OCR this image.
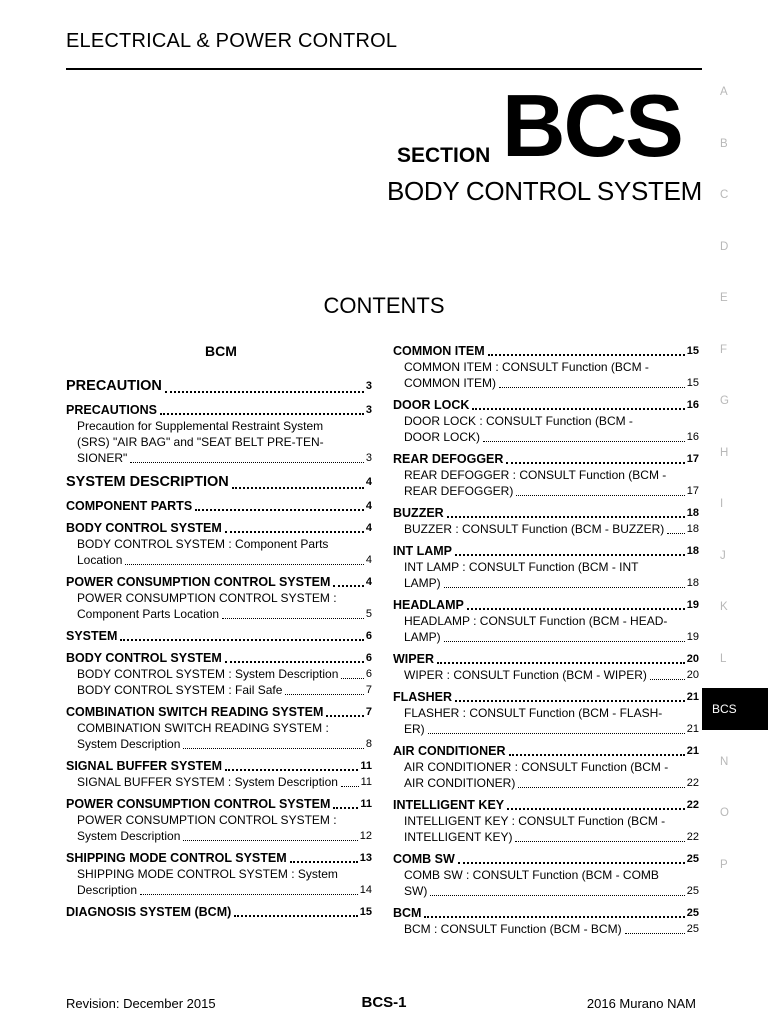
ELECTRICAL & POWER CONTROL
SECTION BCS
BODY CONTROL SYSTEM
CONTENTS
BCM
PRECAUTION	3
PRECAUTIONS	3
Precaution for Supplemental Restraint System
(SRS) "AIR BAG" and "SEAT BELT PRE-TEN-
SIONER"	3
SYSTEM DESCRIPTION	4
COMPONENT PARTS	4
BODY CONTROL SYSTEM	4
BODY CONTROL SYSTEM : Component Parts
Location	4
POWER CONSUMPTION CONTROL SYSTEM	4
POWER CONSUMPTION CONTROL SYSTEM :
Component Parts Location	5
SYSTEM	6
BODY CONTROL SYSTEM	6
BODY CONTROL SYSTEM : System Description 6
BODY CONTROL SYSTEM : Fail Safe	7
COMBINATION SWITCH READING SYSTEM	7
COMBINATION SWITCH READING SYSTEM :
System Description	8
SIGNAL BUFFER SYSTEM	11
SIGNAL BUFFER SYSTEM : System Description 11
POWER CONSUMPTION CONTROL SYSTEM	11
POWER CONSUMPTION CONTROL SYSTEM :
System Description	12
SHIPPING MODE CONTROL SYSTEM	13
SHIPPING MODE CONTROL SYSTEM : System
Description	14
DIAGNOSIS SYSTEM (BCM)	15
COMMON ITEM	15
COMMON ITEM : CONSULT Function (BCM -
COMMON ITEM)	15
DOOR LOCK	16
DOOR LOCK : CONSULT Function (BCM -
DOOR LOCK)	16
REAR DEFOGGER	17
REAR DEFOGGER : CONSULT Function (BCM -
REAR DEFOGGER)	17
BUZZER	18
BUZZER : CONSULT Function (BCM - BUZZER) 18
INT LAMP	18
INT LAMP : CONSULT Function (BCM - INT
LAMP)	18
HEADLAMP	19
HEADLAMP : CONSULT Function (BCM - HEAD-
LAMP)	19
WIPER	20
WIPER : CONSULT Function (BCM - WIPER)	20
FLASHER	21
FLASHER : CONSULT Function (BCM - FLASH-
ER)	21
AIR CONDITIONER	21
AIR CONDITIONER : CONSULT Function (BCM -
AIR CONDITIONER)	22
INTELLIGENT KEY	22
INTELLIGENT KEY : CONSULT Function (BCM -
INTELLIGENT KEY)	22
COMB SW	25
COMB SW : CONSULT Function (BCM - COMB
SW)	25
BCM	25
BCM : CONSULT Function (BCM - BCM)	25
A
B
C
D
E
F
G
H
I
J
K
L
N
O
P
BCS
Revision: December 2015	BCS-1	2016 Murano NAM
